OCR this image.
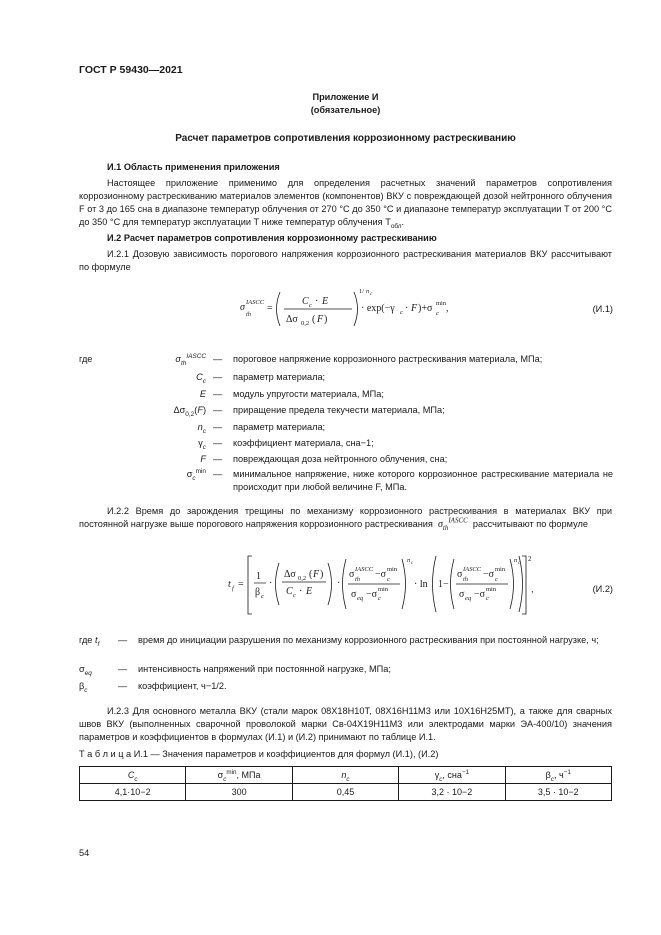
ГОСТ Р 59430—2021
Приложение И
(обязательное)
Расчет параметров сопротивления коррозионному растрескиванию
И.1 Область применения приложения
Настоящее приложение применимо для определения расчетных значений параметров сопротивления коррозионному растрескиванию материалов элементов (компонентов) ВКУ с повреждающей дозой нейтронного облучения F от 3 до 165 сна в диапазоне температур облучения от 270 °С до 350 °С и диапазоне температур эксплуатации T от 200 °С до 350 °С для температур эксплуатации T ниже температур облучения $T_{обл}$.
И.2 Расчет параметров сопротивления коррозионному растрескиванию
И.2.1 Дозовую зависимость порогового напряжения коррозионного растрескивания материалов ВКУ рассчитывают по формуле
σ IASCC
th
=
C c · E
Δσ 0,2 ( F )
1/ n c
· exp(−γ c · F )+σ min
c ,	(И.1)
где	$\sigma_{th}^{IASCC}$ — пороговое напряжение коррозионного растрескивания материала, МПа;
$C_c$ — параметр материала;
E — модуль упругости материала, МПа;
$\Delta\sigma_{0,2}(F)$ — приращение предела текучести материала, МПа;
$n_c$ — параметр материала;
$\gamma_c$ — коэффициент материала, сна−1;
F — повреждающая доза нейтронного облучения, сна;
$\sigma_c^{min}$ — минимальное напряжение, ниже которого коррозионное растрескивание материала не происходит при любой величине F, МПа.
И.2.2 Время до зарождения трещины по механизму коррозионного растрескивания в материалах ВКУ при постоянной нагрузке выше порогового напряжения коррозионного растрескивания $\sigma_{th}^{IASCC}$ рассчитывают по формуле
t f =
1
β c
·
Δσ 0,2 ( F )
C c · E
·
σ IASCC
th −σ min
c
σ eq −σ min
c
n c
· ln 1−
σ IASCC
th −σ min
c
σ eq −σ min
c
n c
2
,	(И.2)
где $t_f$	— время до инициации разрушения по механизму коррозионного растрескивания при постоянной нагрузке, ч;
$\sigma_{eq}$	— интенсивность напряжений при постоянной нагрузке, МПа;
$\beta_c$	— коэффициент, ч−1/2.
И.2.3 Для основного металла ВКУ (стали марок 08Х18Н10Т, 08Х16Н11М3 или 10Х16Н25МТ), а также для сварных швов ВКУ (выполненных сварочной проволокой марки Св-04Х19Н11М3 или электродами марки ЭА-400/10) значения параметров и коэффициентов в формулах (И.1) и (И.2) принимают по таблице И.1.
Т а б л и ц а И.1 — Значения параметров и коэффициентов для формул (И.1), (И.2)
$C_c$	$\sigma_c^{min}$, МПа	$n_c$	$\gamma_c$, сна$^{-1}$	$\beta_c$, $ч^{-1}$
4,1·10−2	300	0,45	3,2 · 10−2	3,5 · 10−2
54
